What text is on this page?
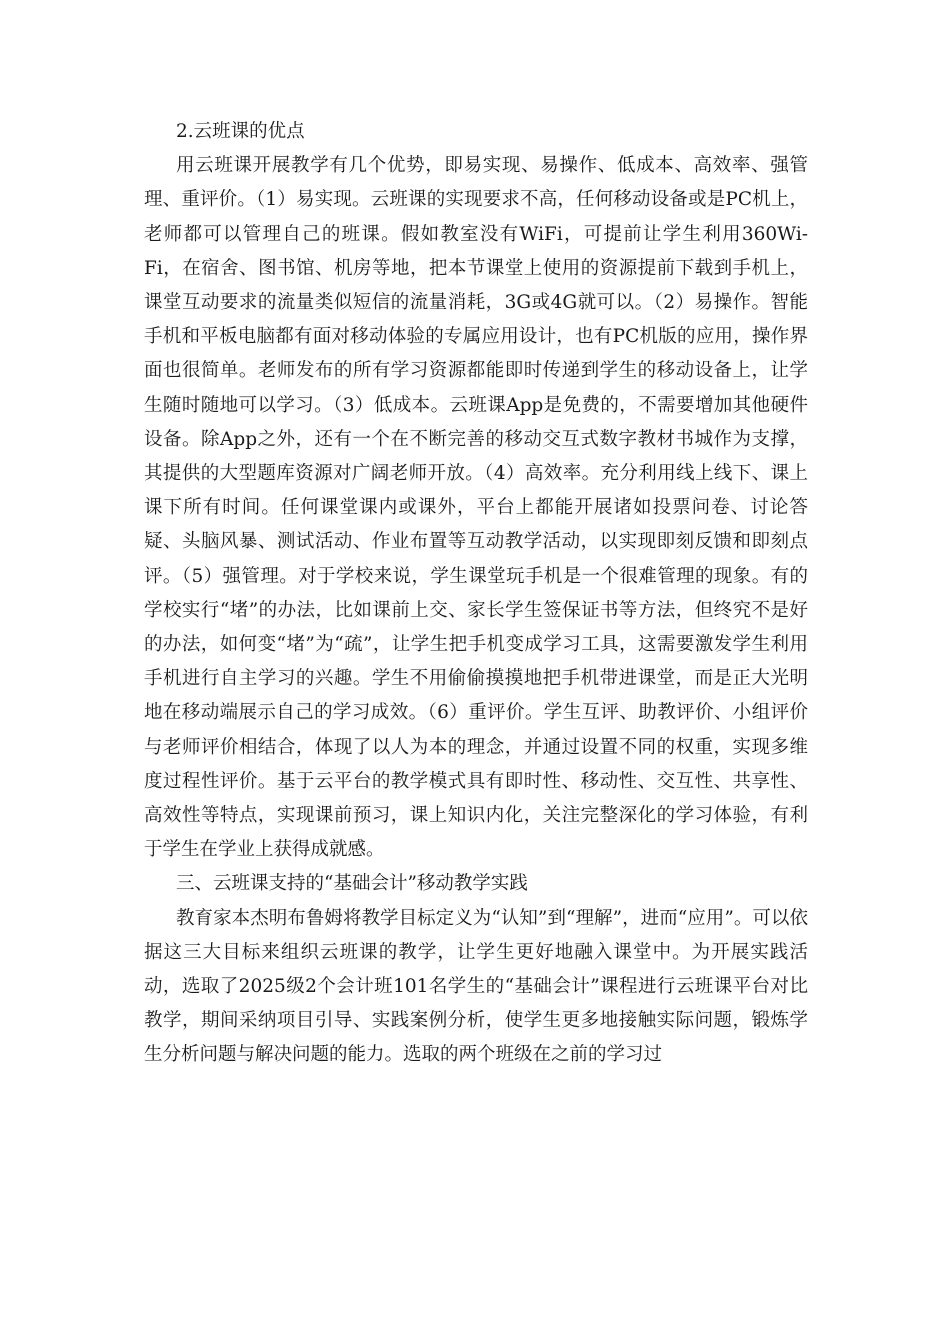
2.云班课的优点

用云班课开展教学有几个优势，即易实现、易操作、低成本、高效率、强管理、重评价。（1）易实现。云班课的实现要求不高，任何移动设备或是PC机上，老师都可以管理自己的班课。假如教室没有WiFi，可提前让学生利用360Wi-Fi，在宿舍、图书馆、机房等地，把本节课堂上使用的资源提前下载到手机上，课堂互动要求的流量类似短信的流量消耗，3G或4G就可以。（2）易操作。智能手机和平板电脑都有面对移动体验的专属应用设计，也有PC机版的应用，操作界面也很简单。老师发布的所有学习资源都能即时传递到学生的移动设备上，让学生随时随地可以学习。（3）低成本。云班课App是免费的，不需要增加其他硬件设备。除App之外，还有一个在不断完善的移动交互式数字教材书城作为支撑，其提供的大型题库资源对广阔老师开放。（4）高效率。充分利用线上线下、课上课下所有时间。任何课堂课内或课外，平台上都能开展诸如投票问卷、讨论答疑、头脑风暴、测试活动、作业布置等互动教学活动，以实现即刻反馈和即刻点评。（5）强管理。对于学校来说，学生课堂玩手机是一个很难管理的现象。有的学校实行“堵”的办法，比如课前上交、家长学生签保证书等方法，但终究不是好的办法，如何变“堵”为“疏”，让学生把手机变成学习工具，这需要激发学生利用手机进行自主学习的兴趣。学生不用偷偷摸摸地把手机带进课堂，而是正大光明地在移动端展示自己的学习成效。（6）重评价。学生互评、助教评价、小组评价与老师评价相结合，体现了以人为本的理念，并通过设置不同的权重，实现多维度过程性评价。基于云平台的教学模式具有即时性、移动性、交互性、共享性、高效性等特点，实现课前预习，课上知识内化，关注完整深化的学习体验，有利于学生在学业上获得成就感。

三、云班课支持的“基础会计”移动教学实践

教育家本杰明布鲁姆将教学目标定义为“认知”到“理解”，进而“应用”。可以依据这三大目标来组织云班课的教学，让学生更好地融入课堂中。为开展实践活动，选取了2025级2个会计班101名学生的“基础会计”课程进行云班课平台对比教学，期间采纳项目引导、实践案例分析，使学生更多地接触实际问题，锻炼学生分析问题与解决问题的能力。选取的两个班级在之前的学习过
